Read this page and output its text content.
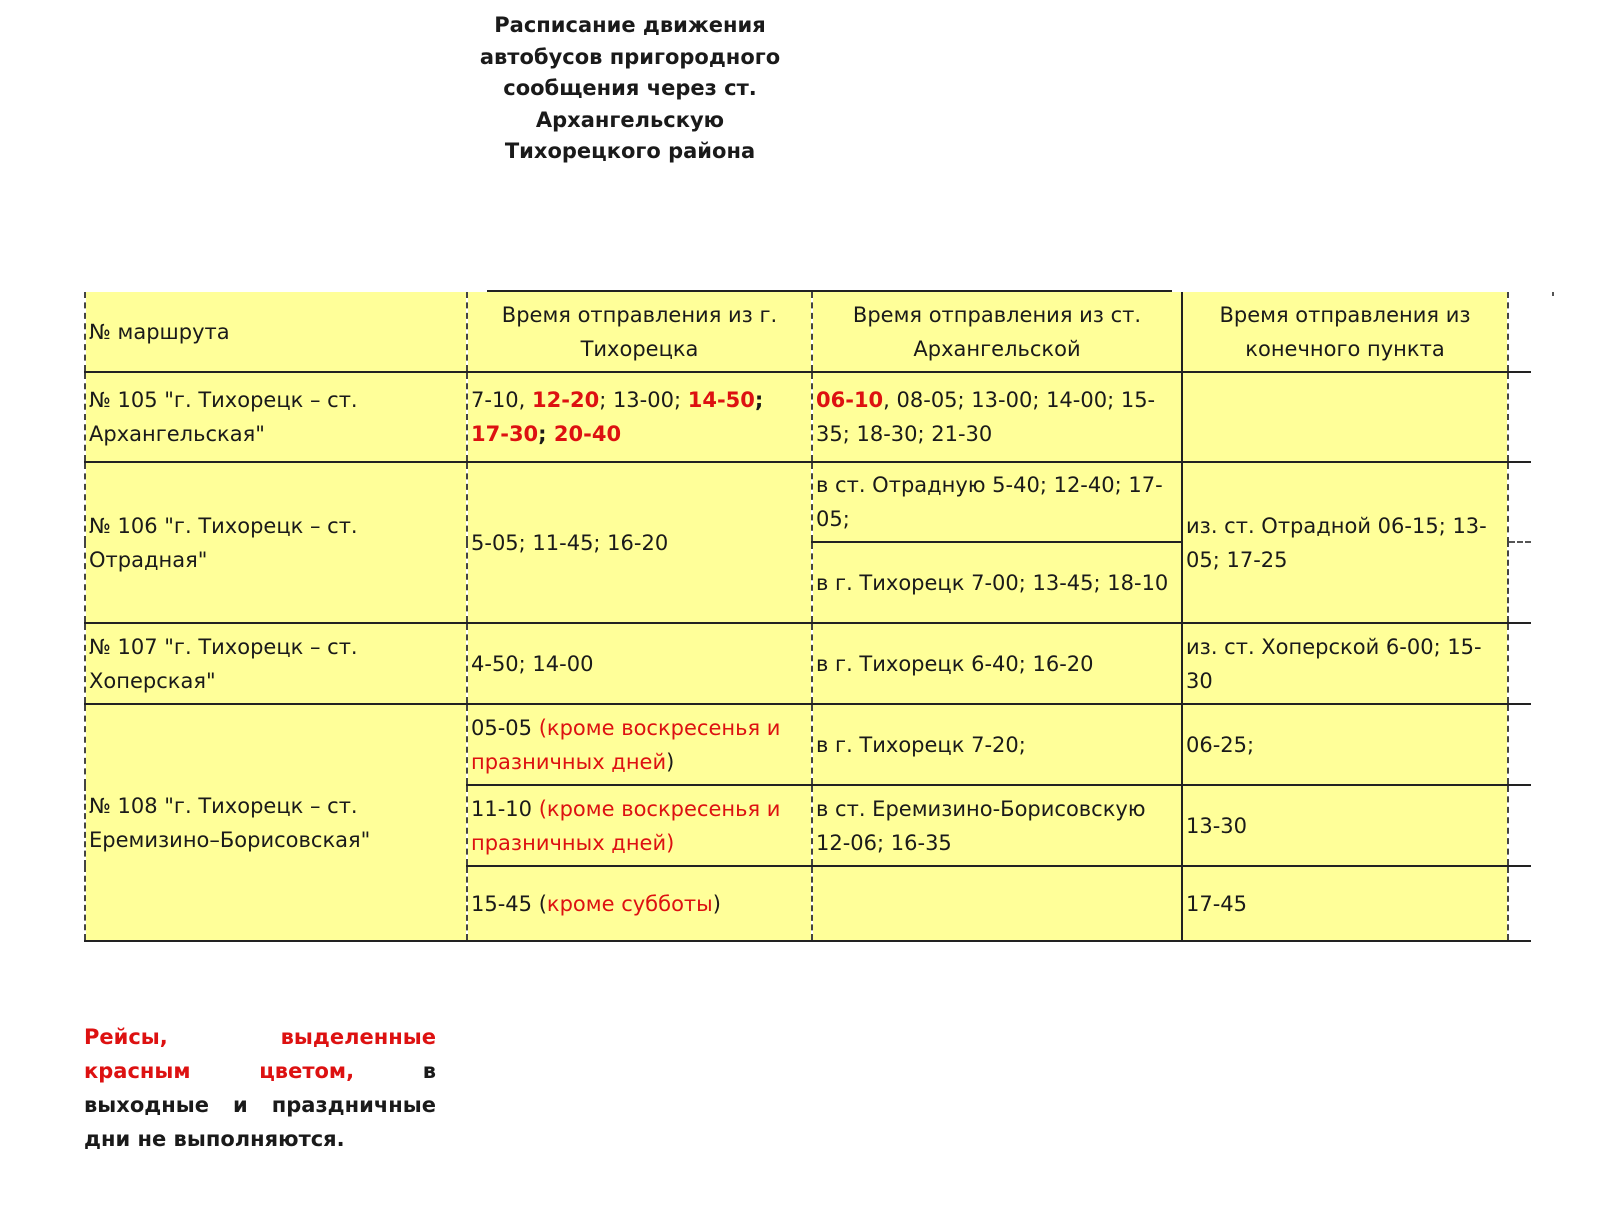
Расписание движения
автобусов пригородного
сообщения через ст.
Архангельскую
Тихорецкого района
№ маршрута	Время отправления из г. Тихорецка	Время отправления из ст. Архангельской	Время отправления из конечного пункта	
№ 105 "г. Тихорецк – ст. Архангельская"	7-10, 12-20; 13-00; 14-50; 17-30; 20-40	06-10, 08-05; 13-00; 14-00; 15-35; 18-30; 21-30		
№ 106 "г. Тихорецк – ст. Отрадная"	5-05; 11-45; 16-20	в ст. Отрадную 5-40; 12-40; 17-05;	из. ст. Отрадной 06-15; 13-05; 17-25	
		в г. Тихорецк 7-00; 13-45; 18-10		
№ 107 "г. Тихорецк – ст. Хоперская"	4-50; 14-00	в г. Тихорецк 6-40; 16-20	из. ст. Хоперской 6-00; 15-30	
№ 108 "г. Тихорецк – ст. Еремизино–Борисовская"	05-05 (кроме воскресенья и празничных дней)	в г. Тихорецк 7-20;	06-25;	
	11-10 (кроме воскресенья и празничных дней)	в ст. Еремизино-Борисовскую 12-06; 16-35	13-30	
	15-45 (кроме субботы)		17-45	
Рейсы, выделенные красным цветом, в выходные и праздничные дни не выполняются.
